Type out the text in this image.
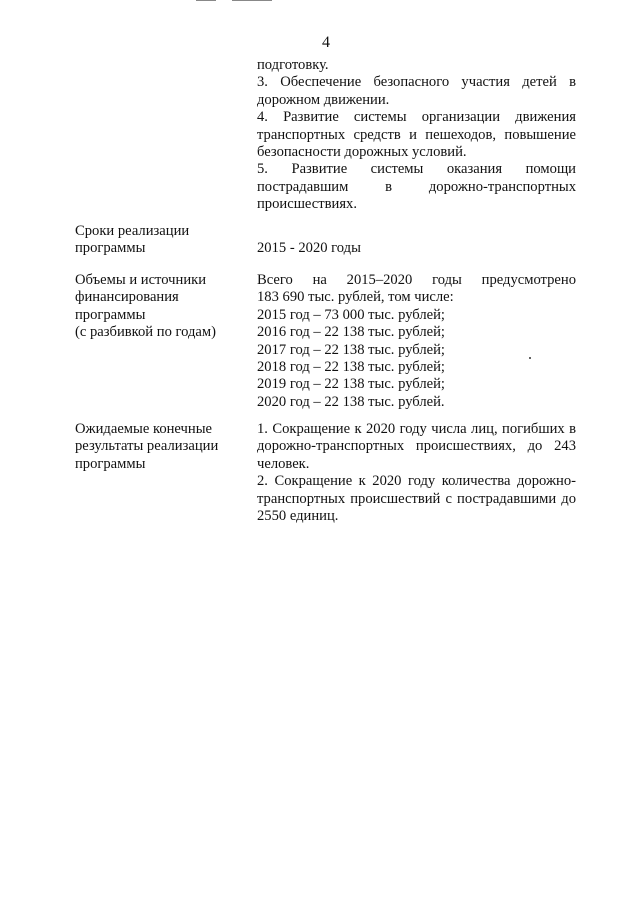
4
подготовку.
3. Обеспечение безопасного участия детей в
дорожном движении.
4. Развитие системы организации движения
транспортных средств и пешеходов, повышение
безопасности дорожных условий.
5. Развитие системы оказания помощи
пострадавшим в дорожно-транспортных
происшествиях.
Сроки реализации
программы	2015 - 2020 годы
Объемы и источники
финансирования
программы
(с разбивкой по годам)
Всего на 2015–2020 годы предусмотрено
183 690 тыс. рублей, том числе:
2015 год – 73 000 тыс. рублей;
2016 год – 22 138 тыс. рублей;
2017 год – 22 138 тыс. рублей;
2018 год – 22 138 тыс. рублей;
2019 год – 22 138 тыс. рублей;
2020 год – 22 138 тыс. рублей.
Ожидаемые конечные
результаты реализации
программы
1. Сокращение к 2020 году числа лиц, погибших в
дорожно-транспортных происшествиях, до 243
человек.
2. Сокращение к 2020 году количества дорожно-
транспортных происшествий с пострадавшими до
2550 единиц.
